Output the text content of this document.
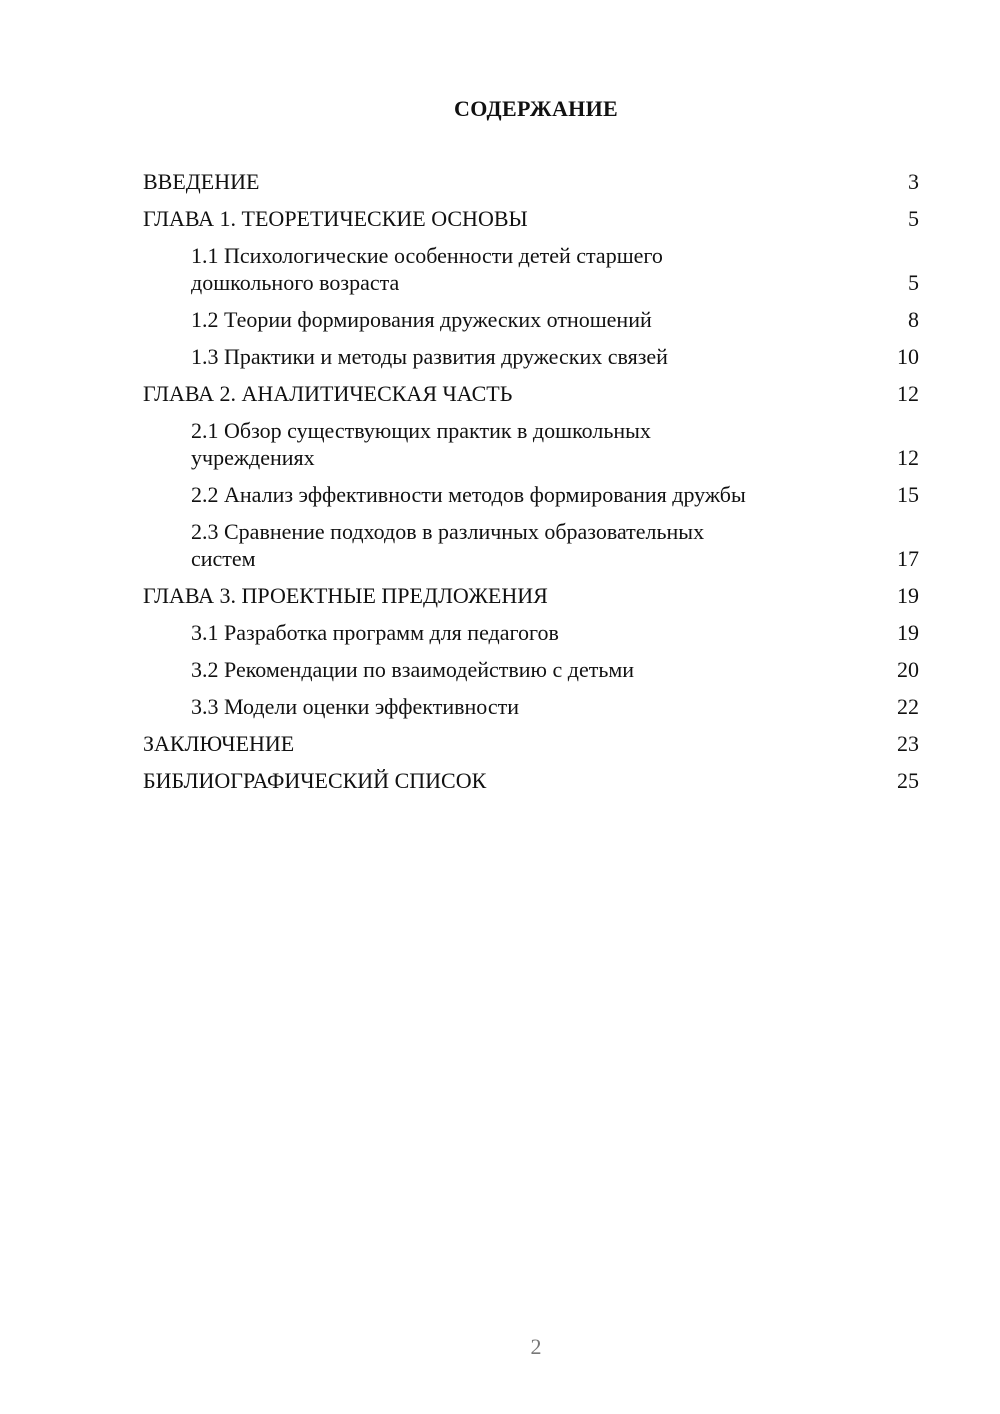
СОДЕРЖАНИЕ
ВВЕДЕНИЕ	3
ГЛАВА 1. ТЕОРЕТИЧЕСКИЕ ОСНОВЫ	5
1.1 Психологические особенности детей старшего дошкольного возраста	5
1.2 Теории формирования дружеских отношений	8
1.3 Практики и методы развития дружеских связей	10
ГЛАВА 2. АНАЛИТИЧЕСКАЯ ЧАСТЬ	12
2.1 Обзор существующих практик в дошкольных учреждениях	12
2.2 Анализ эффективности методов формирования дружбы	15
2.3 Сравнение подходов в различных образовательных систем	17
ГЛАВА 3. ПРОЕКТНЫЕ ПРЕДЛОЖЕНИЯ	19
3.1 Разработка программ для педагогов	19
3.2 Рекомендации по взаимодействию с детьми	20
3.3 Модели оценки эффективности	22
ЗАКЛЮЧЕНИЕ	23
БИБЛИОГРАФИЧЕСКИЙ СПИСОК	25
2
